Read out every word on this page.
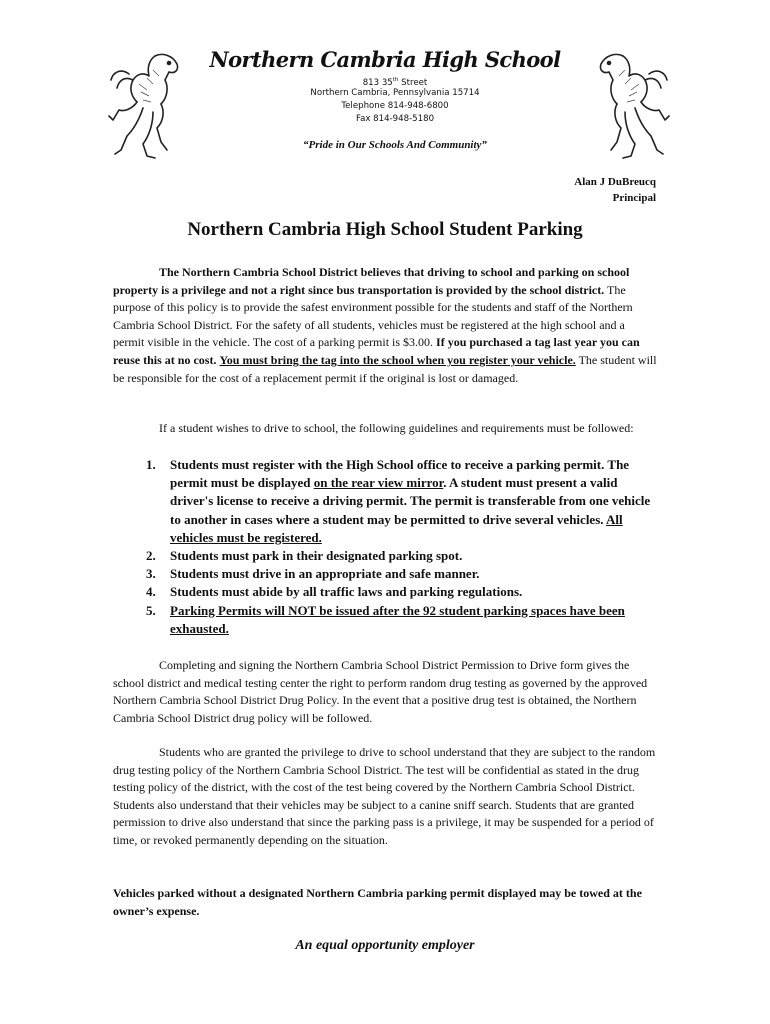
Northern Cambria High School
813 35th Street
Northern Cambria, Pennsylvania 15714
Telephone 814-948-6800
Fax 814-948-5180
“Pride in Our Schools And Community”
Alan J DuBreucq
Principal
Northern Cambria High School Student Parking

The Northern Cambria School District believes that driving to school and parking on school property is a privilege and not a right since bus transportation is provided by the school district. The purpose of this policy is to provide the safest environment possible for the students and staff of the Northern Cambria School District. For the safety of all students, vehicles must be registered at the high school and a permit visible in the vehicle. The cost of a parking permit is $3.00. If you purchased a tag last year you can reuse this at no cost. You must bring the tag into the school when you register your vehicle. The student will be responsible for the cost of a replacement permit if the original is lost or damaged.

If a student wishes to drive to school, the following guidelines and requirements must be followed:

1. Students must register with the High School office to receive a parking permit. The permit must be displayed on the rear view mirror. A student must present a valid driver's license to receive a driving permit. The permit is transferable from one vehicle to another in cases where a student may be permitted to drive several vehicles. All vehicles must be registered.
2. Students must park in their designated parking spot.
3. Students must drive in an appropriate and safe manner.
4. Students must abide by all traffic laws and parking regulations.
5. Parking Permits will NOT be issued after the 92 student parking spaces have been exhausted.

Completing and signing the Northern Cambria School District Permission to Drive form gives the school district and medical testing center the right to perform random drug testing as governed by the approved Northern Cambria School District Drug Policy. In the event that a positive drug test is obtained, the Northern Cambria School District drug policy will be followed.

Students who are granted the privilege to drive to school understand that they are subject to the random drug testing policy of the Northern Cambria School District. The test will be confidential as stated in the drug testing policy of the district, with the cost of the test being covered by the Northern Cambria School District. Students also understand that their vehicles may be subject to a canine sniff search. Students that are granted permission to drive also understand that since the parking pass is a privilege, it may be suspended for a period of time, or revoked permanently depending on the situation.

Vehicles parked without a designated Northern Cambria parking permit displayed may be towed at the owner’s expense.
An equal opportunity employer
